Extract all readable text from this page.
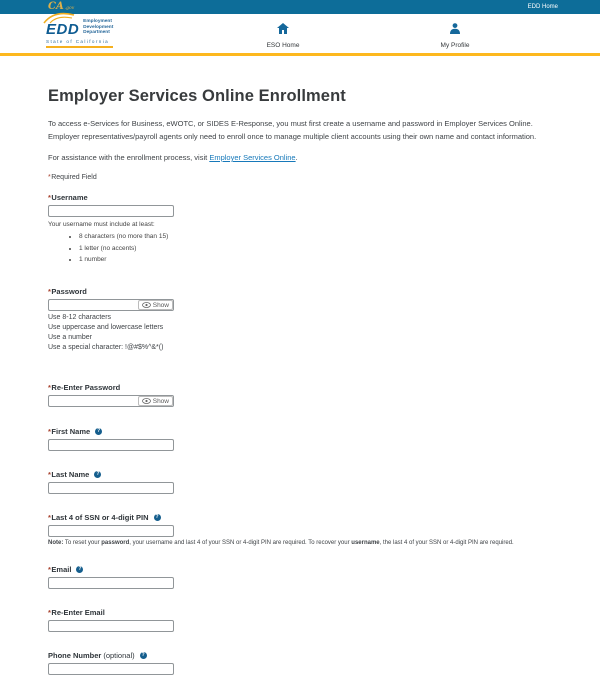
CA .gov	EDD Home
EDD Employment
Development
Department
State of California
ESO Home	My Profile
Employer Services Online Enrollment

To access e-Services for Business, eWOTC, or SIDES E-Response, you must first create a username and password in Employer Services Online. Employer representatives/payroll agents only need to enroll once to manage multiple client accounts using their own name and contact information.

For assistance with the enrollment process, visit Employer Services Online.

*Required Field

* Username
Your username must include at least:
• 8 characters (no more than 15)
• 1 letter (no accents)
• 1 number
* Password
Show
Use 8-12 characters
Use uppercase and lowercase letters
Use a number
Use a special character: !@#$%^&*()
* Re-Enter Password
Show
* First Name	?
* Last Name	?
* Last 4 of SSN or 4-digit PIN	?
Note: To reset your password, your username and last 4 of your SSN or 4-digit PIN are required. To recover your username, the last 4 of your SSN or 4-digit PIN are required.
* Email	?
* Re-Enter Email
Phone Number (optional)	?
